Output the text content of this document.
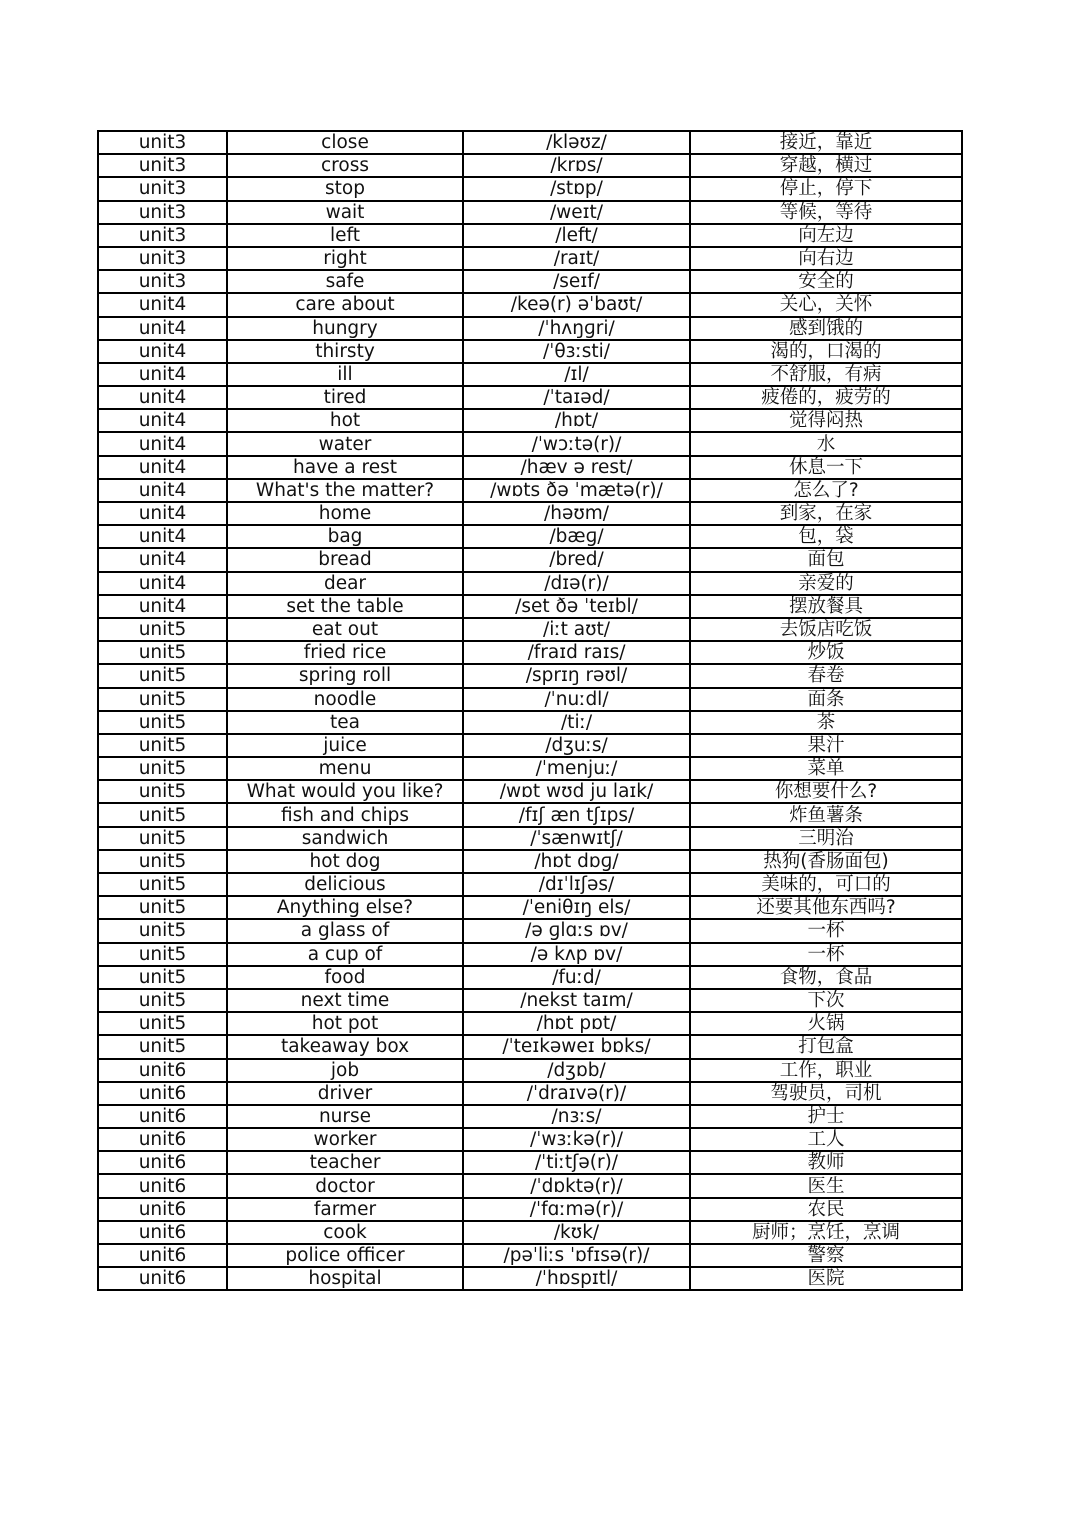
unit3	close	/kləʊz/	接近，靠近
unit3	cross	/krɒs/	穿越，横过
unit3	stop	/stɒp/	停止，停下
unit3	wait	/weɪt/	等候，等待
unit3	left	/left/	向左边
unit3	right	/raɪt/	向右边
unit3	safe	/seɪf/	安全的
unit4	care about	/keə(r) əˈbaʊt/	关心，关怀
unit4	hungry	/ˈhʌŋɡri/	感到饿的
unit4	thirsty	/ˈθɜːsti/	渴的，口渴的
unit4	ill	/ɪl/	不舒服，有病
unit4	tired	/ˈtaɪəd/	疲倦的，疲劳的
unit4	hot	/hɒt/	觉得闷热
unit4	water	/ˈwɔːtə(r)/	水
unit4	have a rest	/hæv ə rest/	休息一下
unit4	What's the matter?	/wɒts ðə ˈmætə(r)/	怎么了?
unit4	home	/həʊm/	到家，在家
unit4	bag	/bæɡ/	包，袋
unit4	bread	/bred/	面包
unit4	dear	/dɪə(r)/	亲爱的
unit4	set the table	/set ðə ˈteɪbl/	摆放餐具
unit5	eat out	/iːt aʊt/	去饭店吃饭
unit5	fried rice	/fraɪd raɪs/	炒饭
unit5	spring roll	/sprɪŋ rəʊl/	春卷
unit5	noodle	/ˈnuːdl/	面条
unit5	tea	/tiː/	茶
unit5	juice	/dʒuːs/	果汁
unit5	menu	/ˈmenjuː/	菜单
unit5	What would you like?	/wɒt wʊd ju laɪk/	你想要什么?
unit5	fish and chips	/fɪʃ æn tʃɪps/	炸鱼薯条
unit5	sandwich	/ˈsænwɪtʃ/	三明治
unit5	hot dog	/hɒt dɒɡ/	热狗(香肠面包)
unit5	delicious	/dɪˈlɪʃəs/	美味的，可口的
unit5	Anything else?	/ˈeniθɪŋ els/	还要其他东西吗?
unit5	a glass of	/ə ɡlɑːs ɒv/	一杯
unit5	a cup of	/ə kʌp ɒv/	一杯
unit5	food	/fuːd/	食物，食品
unit5	next time	/nekst taɪm/	下次
unit5	hot pot	/hɒt pɒt/	火锅
unit5	takeaway box	/ˈteɪkəweɪ bɒks/	打包盒
unit6	job	/dʒɒb/	工作，职业
unit6	driver	/ˈdraɪvə(r)/	驾驶员，司机
unit6	nurse	/nɜːs/	护士
unit6	worker	/ˈwɜːkə(r)/	工人
unit6	teacher	/ˈtiːtʃə(r)/	教师
unit6	doctor	/ˈdɒktə(r)/	医生
unit6	farmer	/ˈfɑːmə(r)/	农民
unit6	cook	/kʊk/	厨师；烹饪，烹调
unit6	police officer	/pəˈliːs ˈɒfɪsə(r)/	警察
unit6	hospital	/ˈhɒspɪtl/	医院
